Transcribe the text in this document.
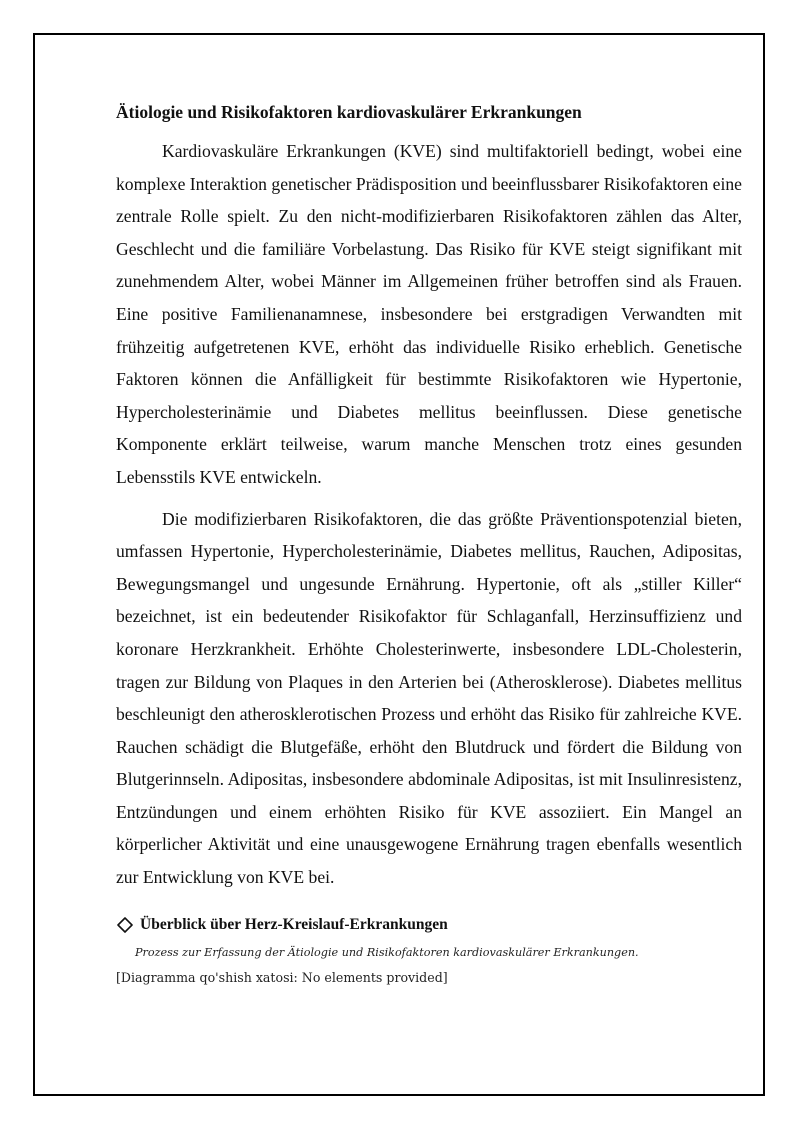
Ätiologie und Risikofaktoren kardiovaskulärer Erkrankungen

Kardiovaskuläre Erkrankungen (KVE) sind multifaktoriell bedingt, wobei eine komplexe Interaktion genetischer Prädisposition und beeinflussbarer Risikofaktoren eine zentrale Rolle spielt. Zu den nicht-modifizierbaren Risikofaktoren zählen das Alter, Geschlecht und die familiäre Vorbelastung. Das Risiko für KVE steigt signifikant mit zunehmendem Alter, wobei Männer im Allgemeinen früher betroffen sind als Frauen. Eine positive Familienanamnese, insbesondere bei erstgradigen Verwandten mit frühzeitig aufgetretenen KVE, erhöht das individuelle Risiko erheblich. Genetische Faktoren können die Anfälligkeit für bestimmte Risikofaktoren wie Hypertonie, Hypercholesterinämie und Diabetes mellitus beeinflussen. Diese genetische Komponente erklärt teilweise, warum manche Menschen trotz eines gesunden Lebensstils KVE entwickeln.

Die modifizierbaren Risikofaktoren, die das größte Präventionspotenzial bieten, umfassen Hypertonie, Hypercholesterinämie, Diabetes mellitus, Rauchen, Adipositas, Bewegungsmangel und ungesunde Ernährung. Hypertonie, oft als „stiller Killer“ bezeichnet, ist ein bedeutender Risikofaktor für Schlaganfall, Herzinsuffizienz und koronare Herzkrankheit. Erhöhte Cholesterinwerte, insbesondere LDL-Cholesterin, tragen zur Bildung von Plaques in den Arterien bei (Atherosklerose). Diabetes mellitus beschleunigt den atherosklerotischen Prozess und erhöht das Risiko für zahlreiche KVE. Rauchen schädigt die Blutgefäße, erhöht den Blutdruck und fördert die Bildung von Blutgerinnseln. Adipositas, insbesondere abdominale Adipositas, ist mit Insulinresistenz, Entzündungen und einem erhöhten Risiko für KVE assoziiert. Ein Mangel an körperlicher Aktivität und eine unausgewogene Ernährung tragen ebenfalls wesentlich zur Entwicklung von KVE bei.

Überblick über Herz-Kreislauf-Erkrankungen
Prozess zur Erfassung der Ätiologie und Risikofaktoren kardiovaskulärer Erkrankungen.
[Diagramma qo'shish xatosi: No elements provided]
